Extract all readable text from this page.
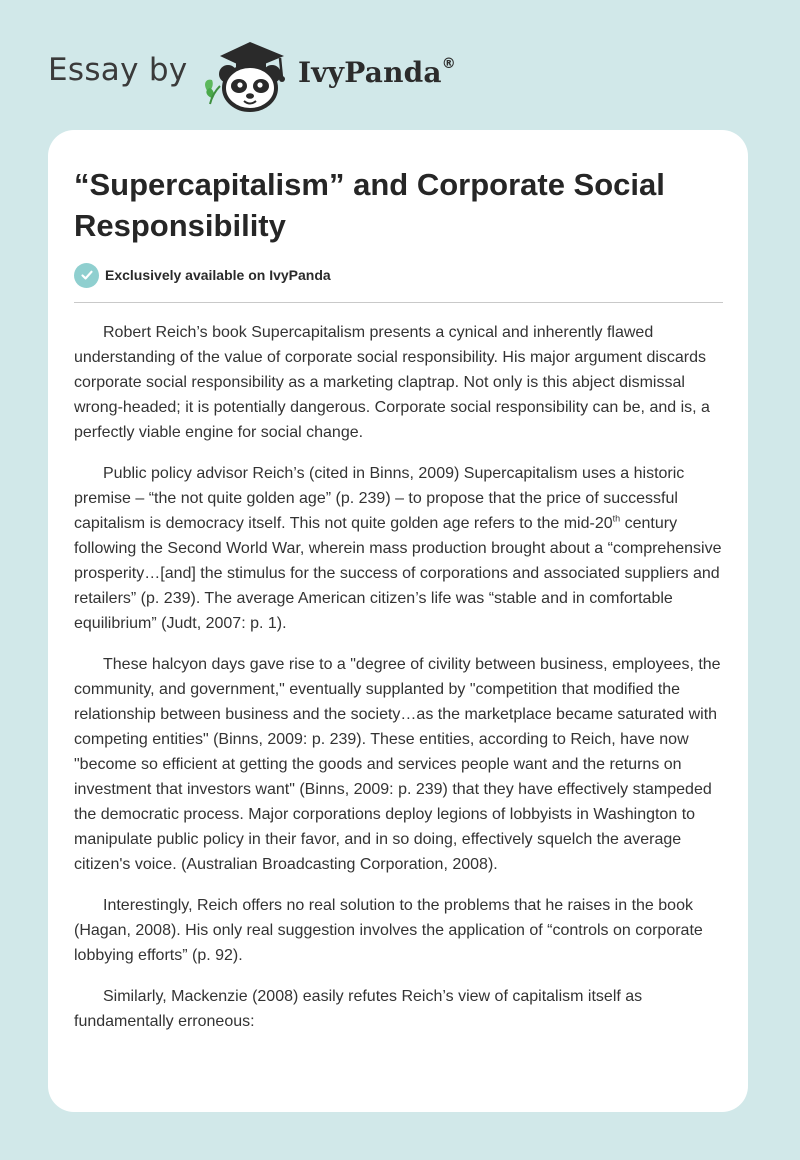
Essay by	IvyPanda®
“Supercapitalism” and Corporate Social Responsibility
Exclusively available on IvyPanda

Robert Reich’s book Supercapitalism presents a cynical and inherently flawed understanding of the value of corporate social responsibility. His major argument discards corporate social responsibility as a marketing claptrap. Not only is this abject dismissal wrong-headed; it is potentially dangerous. Corporate social responsibility can be, and is, a perfectly viable engine for social change.

Public policy advisor Reich’s (cited in Binns, 2009) Supercapitalism uses a historic premise – “the not quite golden age” (p. 239) – to propose that the price of successful capitalism is democracy itself. This not quite golden age refers to the mid-20th century following the Second World War, wherein mass production brought about a “comprehensive prosperity…[and] the stimulus for the success of corporations and associated suppliers and retailers” (p. 239). The average American citizen’s life was “stable and in comfortable equilibrium” (Judt, 2007: p. 1).

These halcyon days gave rise to a "degree of civility between business, employees, the community, and government," eventually supplanted by "competition that modified the relationship between business and the society…as the marketplace became saturated with competing entities" (Binns, 2009: p. 239). These entities, according to Reich, have now "become so efficient at getting the goods and services people want and the returns on investment that investors want" (Binns, 2009: p. 239) that they have effectively stampeded the democratic process. Major corporations deploy legions of lobbyists in Washington to manipulate public policy in their favor, and in so doing, effectively squelch the average citizen's voice. (Australian Broadcasting Corporation, 2008).

Interestingly, Reich offers no real solution to the problems that he raises in the book (Hagan, 2008). His only real suggestion involves the application of “controls on corporate lobbying efforts” (p. 92).

Similarly, Mackenzie (2008) easily refutes Reich’s view of capitalism itself as fundamentally erroneous:
